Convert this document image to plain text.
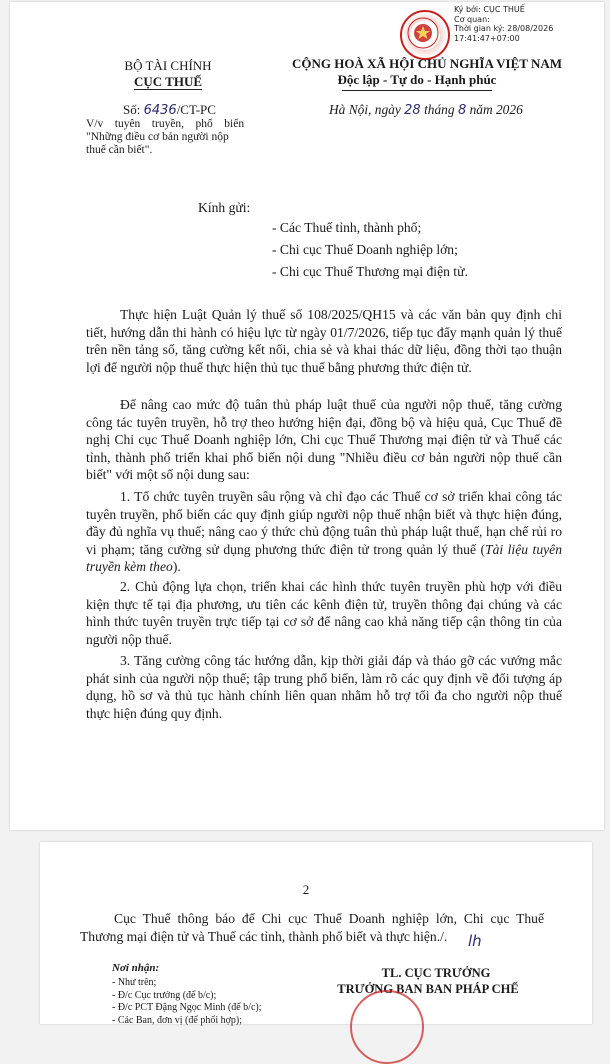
Ký bởi: CỤC THUẾ
Cơ quan:
Thời gian ký: 28/08/2026
17:41:47+07:00
BỘ TÀI CHÍNH
CỤC THUẾ
Số: 6436/CT-PC
V/v    tuyên    truyền,    phổ    biến
"Những điều cơ bản người nộp
thuế cần biết".
CỘNG HOÀ XÃ HỘI CHỦ NGHĨA VIỆT NAM
Độc lập - Tự do - Hạnh phúc
Hà Nội, ngày 28 tháng 8 năm 2026
Kính gửi:
- Các Thuế tỉnh, thành phố;
- Chi cục Thuế Doanh nghiệp lớn;
- Chi cục Thuế Thương mại điện tử.
Thực hiện Luật Quản lý thuế số 108/2025/QH15 và các văn bản quy định chi tiết, hướng dẫn thi hành có hiệu lực từ ngày 01/7/2026, tiếp tục đẩy mạnh quản lý thuế trên nền tảng số, tăng cường kết nối, chia sẻ và khai thác dữ liệu, đồng thời tạo thuận lợi để người nộp thuế thực hiện thủ tục thuế bằng phương thức điện tử.
Để nâng cao mức độ tuân thủ pháp luật thuế của người nộp thuế, tăng cường công tác tuyên truyền, hỗ trợ theo hướng hiện đại, đồng bộ và hiệu quả, Cục Thuế đề nghị Chi cục Thuế Doanh nghiệp lớn, Chi cục Thuế Thương mại điện tử và Thuế các tỉnh, thành phố triển khai phổ biến nội dung "Nhiều điều cơ bản người nộp thuế cần biết" với một số nội dung sau:
1. Tổ chức tuyên truyền sâu rộng và chỉ đạo các Thuế cơ sở triển khai công tác tuyên truyền, phổ biến các quy định giúp người nộp thuế nhận biết và thực hiện đúng, đầy đủ nghĩa vụ thuế; nâng cao ý thức chủ động tuân thủ pháp luật thuế, hạn chế rủi ro vi phạm; tăng cường sử dụng phương thức điện tử trong quản lý thuế (Tài liệu tuyên truyền kèm theo).
2. Chủ động lựa chọn, triển khai các hình thức tuyên truyền phù hợp với điều kiện thực tế tại địa phương, ưu tiên các kênh điện tử, truyền thông đại chúng và các hình thức tuyên truyền trực tiếp tại cơ sở để nâng cao khả năng tiếp cận thông tin của người nộp thuế.
3. Tăng cường công tác hướng dẫn, kịp thời giải đáp và tháo gỡ các vướng mắc phát sinh của người nộp thuế; tập trung phổ biến, làm rõ các quy định về đối tượng áp dụng, hồ sơ và thủ tục hành chính liên quan nhằm hỗ trợ tối đa cho người nộp thuế thực hiện đúng quy định.
2
Cục Thuế thông báo để Chi cục Thuế Doanh nghiệp lớn, Chi cục Thuế Thương mại điện tử và Thuế các tỉnh, thành phố biết và thực hiện./.	lh
Nơi nhận:
- Như trên;
- Đ/c Cục trưởng (để b/c);
- Đ/c PCT Đặng Ngọc Minh (để b/c);
- Các Ban, đơn vị (để phối hợp);
TL. CỤC TRƯỞNG
TRƯỞNG BAN BAN PHÁP CHẾ
